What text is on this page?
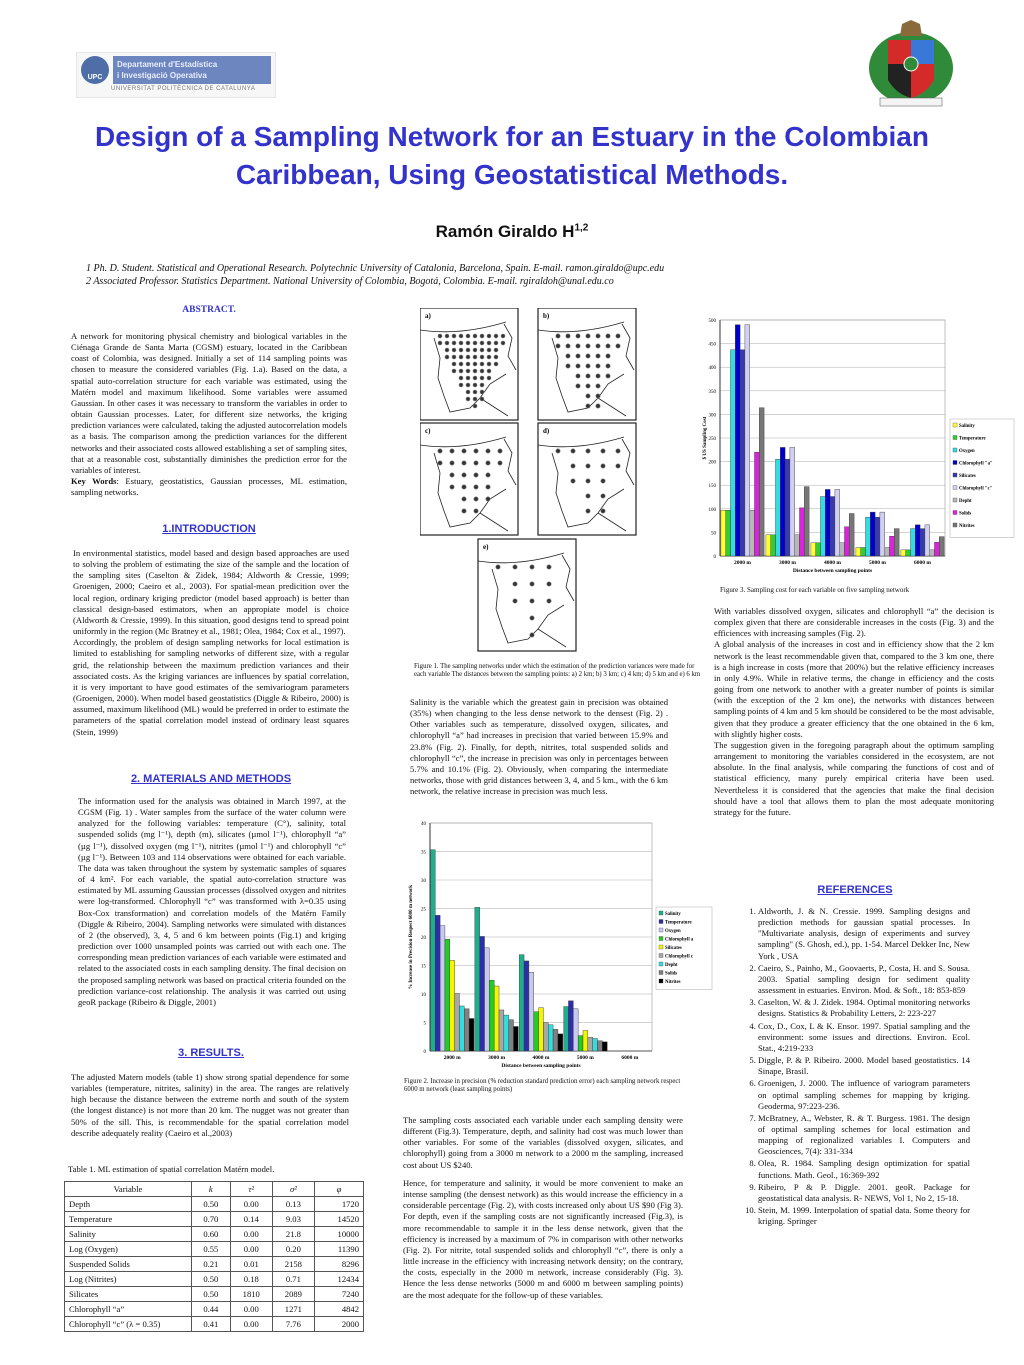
UPC
Departament d'Estadística
i Investigació Operativa
UNIVERSITAT POLITÈCNICA DE CATALUNYA
Design of a Sampling Network for an Estuary in the Colombian Caribbean, Using Geostatistical Methods.
Ramón Giraldo H$^{1,2}$
1 Ph. D. Student. Statistical and Operational Research. Polytechnic University of Catalonia, Barcelona, Spain. E-mail. ramon.giraldo@upc.edu
2 Associated Professor. Statistics Department. National University of Colombia, Bogotá, Colombia. E-mail. rgiraldoh@unal.edu.co
ABSTRACT.

A network for monitoring physical chemistry and biological variables in the Ciénaga Grande de Santa Marta (CGSM) estuary, located in the Caribbean coast of Colombia, was designed. Initially a set of 114 sampling points was chosen to measure the considered variables (Fig. 1.a). Based on the data, a spatial auto-correlation structure for each variable was estimated, using the Matérn model and maximum likelihood. Some variables were assumed Gaussian. In other cases it was necessary to transform the variables in order to obtain Gaussian processes. Later, for different size networks, the kriging prediction variances were calculated, taking the adjusted autocorrelation models as a basis. The comparison among the prediction variances for the different networks and their associated costs allowed establishing a set of sampling sites, that at a reasonable cost, substantially diminishes the prediction error for the variables of interest.

Key Words: Estuary, geostatistics, Gaussian processes, ML estimation, sampling networks.

1.INTRODUCTION

In environmental statistics, model based and design based approaches are used to solving the problem of estimating the size of the sample and the location of the sampling sites (Caselton & Zidek, 1984; Aldworth & Cressie, 1999; Groenigen, 2000; Caeiro et al., 2003). For spatial-mean predicition over the local region, ordinary kriging predictor (model based approach) is better than classical design-based estimators, when an appropiate model is choice (Aldworth & Cressie, 1999). In this situation, good designs tend to spread point uniformly in the region (Mc Bratney et al., 1981; Olea, 1984; Cox et al., 1997).

Accordingly, the problem of design sampling networks for local estimation is limited to establishing for sampling networks of different size, with a regular grid, the relationship between the maximum prediction variances and their associated costs. As the kriging variances are influences by spatial correlation, it is very important to have good estimates of the semivariogram parameters (Groenigen, 2000). When model based geostatistics (Diggle & Ribeiro, 2000) is assumed, maximum likelihood (ML) would be preferred in order to estimate the parameters of the spatial correlation model instead of ordinary least squares (Stein, 1999)

2. MATERIALS AND METHODS
The information used for the analysis was obtained in March 1997, at the CGSM (Fig. 1) . Water samples from the surface of the water column were analyzed for the following variables: temperature (C°), salinity, total suspended solids (mg l⁻¹), depth (m), silicates (µmol l⁻¹), chlorophyll “a” (µg l⁻¹), dissolved oxygen (mg l⁻¹), nitrites (µmol l⁻¹) and chlorophyll “c” (µg l⁻¹). Between 103 and 114 observations were obtained for each variable. The data was taken throughout the system by systematic samples of squares of 4 km². For each variable, the spatial auto-correlation structure was estimated by ML assuming Gaussian processes (dissolved oxygen and nitrites were log-transformed. Chlorophyll “c” was transformed with λ=0.35 using Box-Cox transformation) and correlation models of the Matérn Family (Diggle & Ribeiro, 2004). Sampling networks were simulated with distances of 2 (the observed), 3, 4, 5 and 6 km between points (Fig.1) and kriging prediction over 1000 unsampled points was carried out with each one. The corresponding mean prediction variances of each variable were estimated and related to the associated costs in each sampling density. The final decision on the proposed sampling network was based on practical criteria founded on the prediction variance-cost relationship. The analysis it was carried out using geoR package (Ribeiro & Diggle, 2001)
3. RESULTS.
The adjusted Matern models (table 1) show strong spatial dependence for some variables (temperature, nitrites, salinity) in the area. The ranges are relatively high because the distance between the extreme north and south of the system (the longest distance) is not more than 20 km. The nugget was not greater than 50% of the sill. This, is recommendable for the spatial correlation model describe adequately reality (Caeiro et al.,2003)
Table 1. ML estimation of spatial correlation Matérn model.
Variable	k	τ²	σ²	φ
Depth	0.50	0.00	0.13	1720
Temperature	0.70	0.14	9.03	14520
Salinity	0.60	0.00	21.8	10000
Log (Oxygen)	0.55	0.00	0.20	11390
Suspended Solids	0.21	0.01	2158	8296
Log (Nitrites)	0.50	0.18	0.71	12434
Silicates	0.50	1810	2089	7240
Chlorophyll “a”	0.44	0.00	1271	4842
Chlorophyll “c” (λ = 0.35)	0.41	0.00	7.76	2000
a)	b)
c)	d)
e)
Figure 1. The sampling networks under which the estimation of the prediction variances were made for each variable The distances between the sampling points: a) 2 km; b) 3 km; c) 4 km; d) 5 km and e) 6 km
Salinity is the variable which the greatest gain in precision was obtained (35%) when changing to the less dense network to the densest (Fig. 2) . Other variables such as temperature, dissolved oxygen, silicates, and chlorophyll “a” had increases in precision that varied between 15.9% and 23.8% (Fig. 2). Finally, for depth, nitrites, total suspended solids and chlorophyll “c”, the increase in precision was only in percentages between 5.7% and 10.1% (Fig. 2). Obviously, when comparing the intermediate networks, those with grid distances between 3, 4, and 5 km., with the 6 km network, the relative increase in precision was much less.
0
5
10
15
20
25
30
35
40
2000 m	3000 m	4000 m	5000 m	6000 m
Distance between sampling points
% Increase in Precision Respect 6000 m network	Salinity
Temperature
Oxygen
Chlorophyll a
Silicates
Chlorophyll c
Depht
Solids
Nitrites
Figure 2. Increase in precision (% reduction standard prediction error) each sampling network respect 6000 m network (least sampling points)
The sampling costs associated each variable under each sampling density were different (Fig.3). Temperature, depth, and salinity had cost was much lower than other variables. For some of the variables (dissolved oxygen, silicates, and chlorophyll) going from a 3000 m network to a 2000 m the sampling, increased cost about US $240.
Hence, for temperature and salinity, it would be more convenient to make an intense sampling (the densest network) as this would increase the efficiency in a considerable percentage (Fig. 2), with costs increased only about US $90 (Fig 3). For depth, even if the sampling costs are not significantly increased (Fig.3), is more recommendable to sample it in the less dense network, given that the efficiency is increased by a maximum of 7% in comparison with other networks (Fig. 2). For nitrite, total suspended solids and chlorophyll “c”, there is only a little increase in the efficiency with increasing network density; on the contrary, the costs, especially in the 2000 m network, increase considerably (Fig. 3). Hence the less dense networks (5000 m and 6000 m between sampling points) are the most adequate for the follow-up of these variables.
0
50
100
150
200
250
300
350
400
450
500
2000 m	3000 m	4000 m	5000 m	6000 m
Distance between sampling points
$ US Sampling Cost	Salinity
Temperature
Oxygen
Chlorophyll "a"
Silicates
Chlorophyll "c"
Depht
Solids
Nitrites
Figure 3. Sampling cost for each variable on five sampling network

With variables dissolved oxygen, silicates and chlorophyll “a” the decision is complex given that there are considerable increases in the costs (Fig. 3) and the efficiences with increasing samples (Fig. 2).

A global analysis of the increases in cost and in efficiency show that the 2 km network is the least recommendable given that, compared to the 3 km one, there is a high increase in costs (more that 200%) but the relative efficiency increases in only 4.9%. While in relative terms, the change in efficiency and the costs going from one network to another with a greater number of points is similar (with the exception of the 2 km one), the networks with distances between sampling points of 4 km and 5 km should be considered to be the most advisable, given that they produce a greater efficiency that the one obtained in the 6 km, with slightly higher costs.

The suggestion given in the foregoing paragraph about the optimum sampling arrangement to monitoring the variables considered in the ecosystem, are not absolute. In the final analysis, while comparing the functions of cost and of statistical efficiency, many purely empirical criteria have been used. Nevertheless it is considered that the agencies that make the final decision should have a tool that allows them to plan the most adequate monitoring strategy for the future.

REFERENCES
1. Aldworth, J. & N. Cressie. 1999. Sampling designs and prediction methods for gaussian spatial processes. In "Multivariate analysis, design of experiments and survey sampling" (S. Ghosh, ed.), pp. 1-54. Marcel Dekker Inc, New York , USA
2. Caeiro, S., Painho, M., Goovaerts, P., Costa, H. and S. Sousa. 2003. Spatial sampling design for sediment quality assessment in estuaries. Environ. Mod. & Soft., 18: 853-859
3. Caselton, W. & J. Zidek. 1984. Optimal monitoring networks designs. Statistics & Probability Letters, 2: 223-227
4. Cox, D., Cox, L & K. Ensor. 1997. Spatial sampling and the environment: some issues and directions. Environ. Ecol. Stat., 4:219-233
5. Diggle, P. & P. Ribeiro. 2000. Model based geostatistics. 14 Sinape, Brasil.
6. Groenigen, J. 2000. The influence of variogram parameters on optimal sampling schemes for mapping by kriging. Geoderma, 97:223-236.
7. McBratney, A., Webster, R. & T. Burgess. 1981. The design of optimal sampling schemes for local estimation and mapping of regionalized variables I. Computers and Geosciences, 7(4): 331-334
8. Olea, R. 1984. Sampling design optimization for spatial functions. Math. Geol., 16:369-392
9. Ribeiro, P & P. Diggle. 2001. geoR. Package for geostatistical data analysis. R- NEWS, Vol 1, No 2, 15-18.
10. Stein, M. 1999. Interpolation of spatial data. Some theory for kriging. Springer
